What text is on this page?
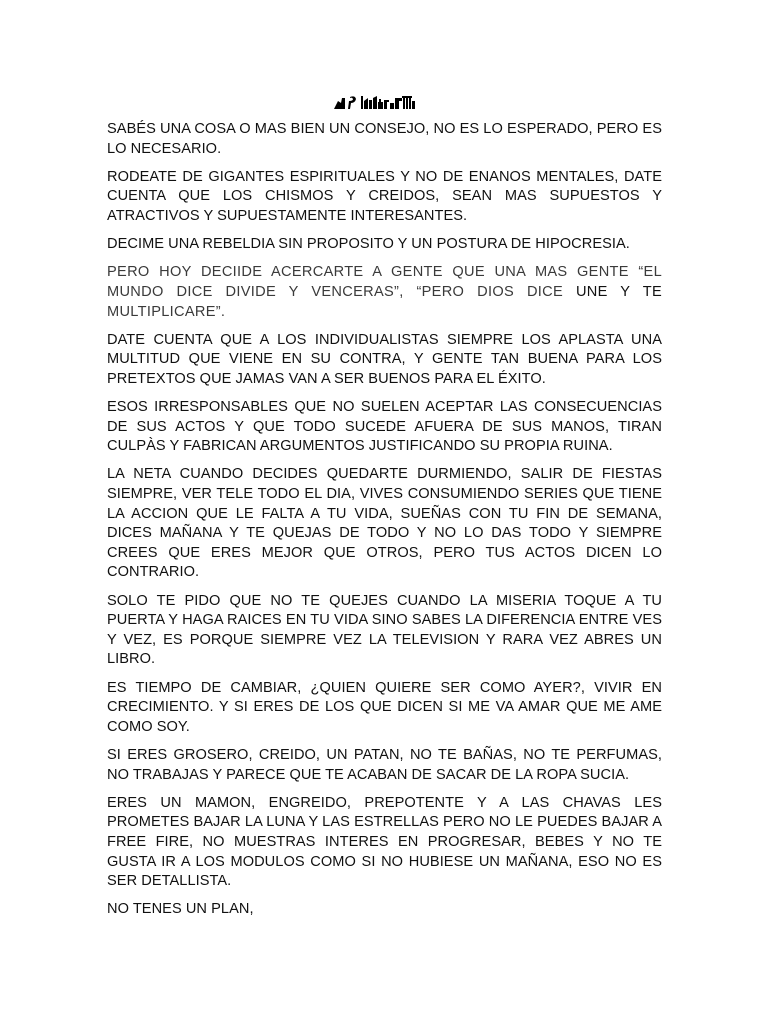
SABÉS UNA COSA O MAS BIEN UN CONSEJO, NO ES LO ESPERADO, PERO ES LO NECESARIO.

RODEATE DE GIGANTES ESPIRITUALES Y NO DE ENANOS MENTALES, DATE CUENTA QUE LOS CHISMOS Y CREIDOS, SEAN MAS SUPUESTOS Y ATRACTIVOS Y SUPUESTAMENTE INTERESANTES.

DECIME UNA REBELDIA SIN PROPOSITO Y UN POSTURA DE HIPOCRESIA.

PERO HOY DECIIDE ACERCARTE A GENTE QUE UNA MAS GENTE “EL MUNDO DICE DIVIDE Y VENCERAS”, “PERO DIOS DICE UNE Y TE MULTIPLICARE”.

DATE CUENTA QUE A LOS INDIVIDUALISTAS SIEMPRE LOS APLASTA UNA MULTITUD QUE VIENE EN SU CONTRA, Y GENTE TAN BUENA PARA LOS PRETEXTOS QUE JAMAS VAN A SER BUENOS PARA EL ÉXITO.

ESOS IRRESPONSABLES QUE NO SUELEN ACEPTAR LAS CONSECUENCIAS DE SUS ACTOS Y QUE TODO SUCEDE AFUERA DE SUS MANOS, TIRAN CULPÀS Y FABRICAN ARGUMENTOS JUSTIFICANDO SU PROPIA RUINA.

LA NETA CUANDO DECIDES QUEDARTE DURMIENDO, SALIR DE FIESTAS SIEMPRE, VER TELE TODO EL DIA, VIVES CONSUMIENDO SERIES QUE TIENE LA ACCION QUE LE FALTA A TU VIDA, SUEÑAS CON TU FIN DE SEMANA, DICES MAÑANA Y TE QUEJAS DE TODO Y NO LO DAS TODO Y SIEMPRE CREES QUE ERES MEJOR QUE OTROS, PERO TUS ACTOS DICEN LO CONTRARIO.

SOLO TE PIDO QUE NO TE QUEJES CUANDO LA MISERIA TOQUE A TU PUERTA Y HAGA RAICES EN TU VIDA SINO SABES LA DIFERENCIA ENTRE VES Y VEZ, ES PORQUE SIEMPRE VEZ LA TELEVISION Y RARA VEZ ABRES UN LIBRO.

ES TIEMPO DE CAMBIAR, ¿QUIEN QUIERE SER COMO AYER?, VIVIR EN CRECIMIENTO. Y SI ERES DE LOS QUE DICEN SI ME VA AMAR QUE ME AME COMO SOY.

SI ERES GROSERO, CREIDO, UN PATAN, NO TE BAÑAS, NO TE PERFUMAS, NO TRABAJAS Y PARECE QUE TE ACABAN DE SACAR DE LA ROPA SUCIA.

ERES UN MAMON, ENGREIDO, PREPOTENTE Y A LAS CHAVAS LES PROMETES BAJAR LA LUNA Y LAS ESTRELLAS PERO NO LE PUEDES BAJAR A FREE FIRE, NO MUESTRAS INTERES EN PROGRESAR, BEBES Y NO TE GUSTA IR A LOS MODULOS COMO SI NO HUBIESE UN MAÑANA, ESO NO ES SER DETALLISTA.

NO TENES UN PLAN,
